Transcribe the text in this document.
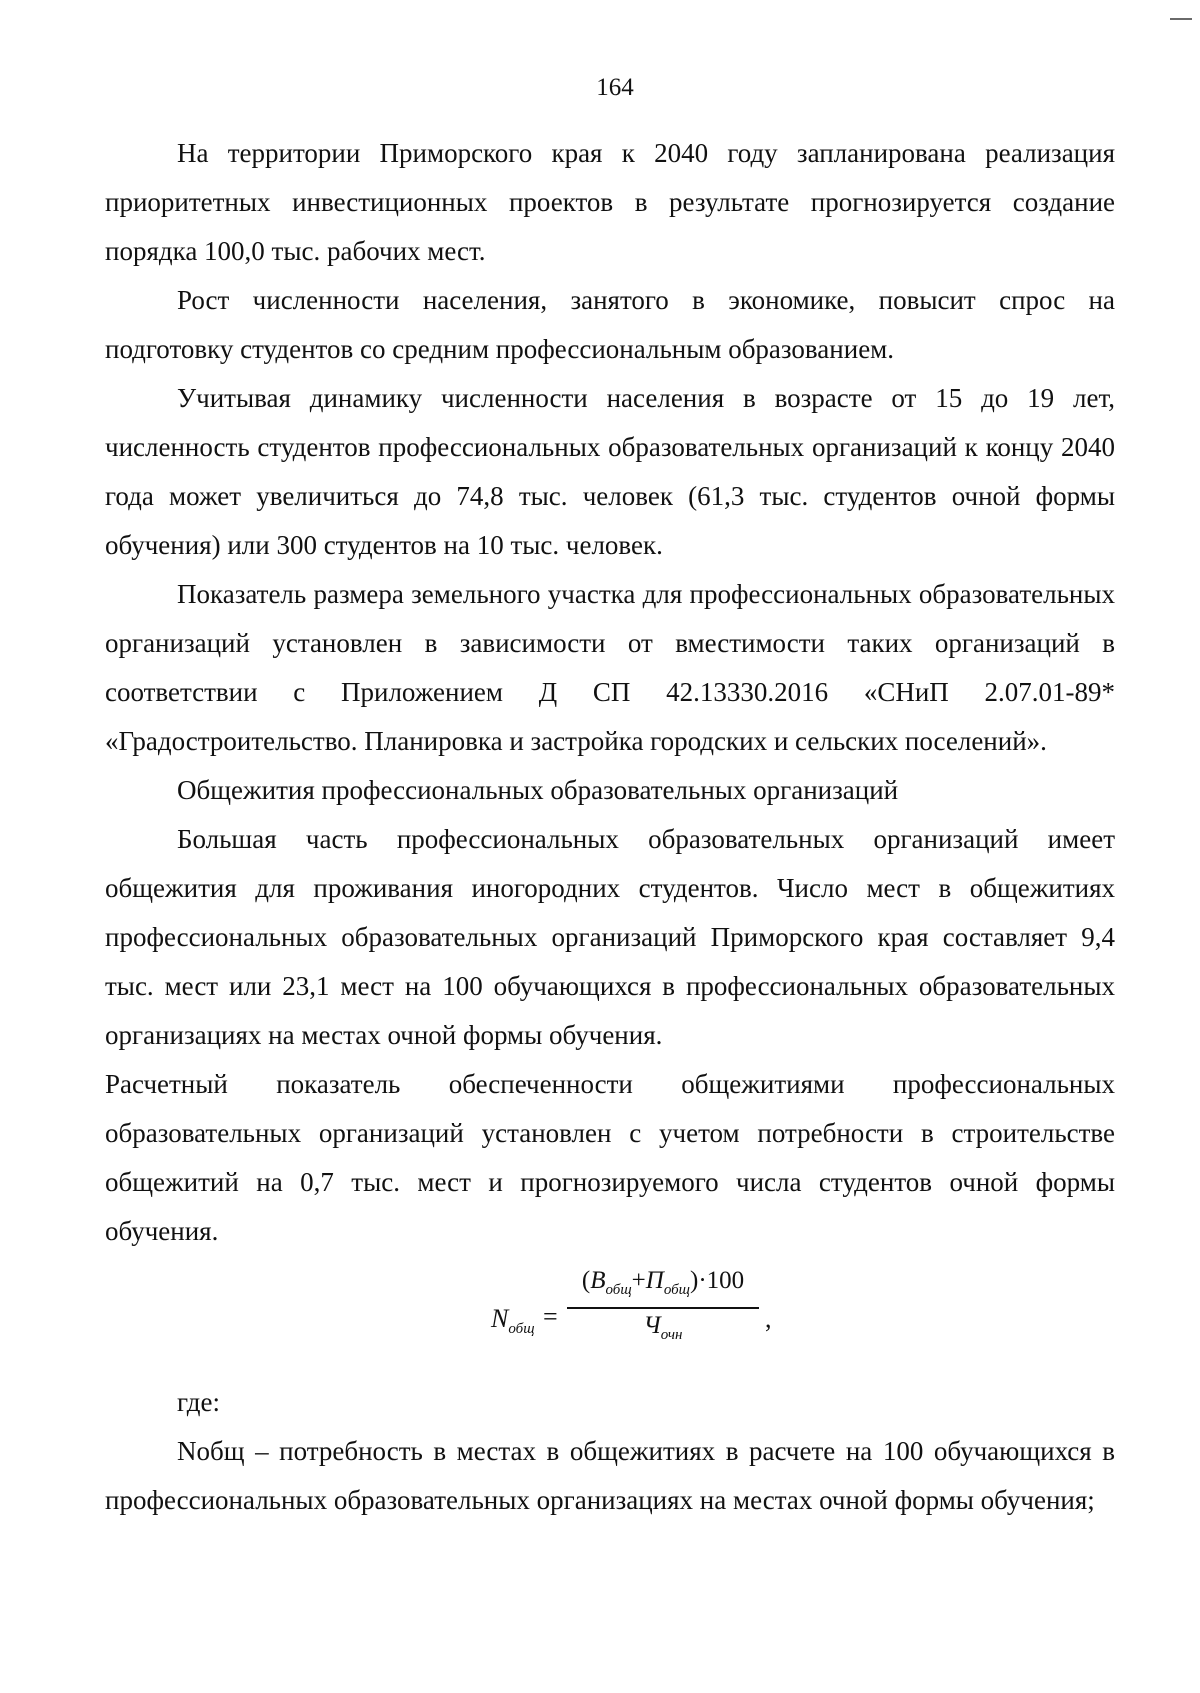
164

На территории Приморского края к 2040 году запланирована реализация приоритетных инвестиционных проектов в результате прогнозируется создание порядка 100,0 тыс. рабочих мест.

Рост численности населения, занятого в экономике, повысит спрос на подготовку студентов со средним профессиональным образованием.

Учитывая динамику численности населения в возрасте от 15 до 19 лет, численность студентов профессиональных образовательных организаций к концу 2040 года может увеличиться до 74,8 тыс. человек (61,3 тыс. студентов очной формы обучения) или 300 студентов на 10 тыс. человек.

Показатель размера земельного участка для профессиональных образовательных организаций установлен в зависимости от вместимости таких организаций в соответствии с Приложением Д СП 42.13330.2016 «СНиП 2.07.01-89* «Градостроительство. Планировка и застройка городских и сельских поселений».

Общежития профессиональных образовательных организаций

Большая часть профессиональных образовательных организаций имеет общежития для проживания иногородних студентов. Число мест в общежитиях профессиональных образовательных организаций Приморского края составляет 9,4 тыс. мест или 23,1 мест на 100 обучающихся в профессиональных образовательных организациях на местах очной формы обучения.

Расчетный показатель обеспеченности общежитиями профессиональных образовательных организаций установлен с учетом потребности в строительстве общежитий на 0,7 тыс. мест и прогнозируемого числа студентов очной формы обучения.

$N_{общ}$ =
$(В_{общ}+П_{общ})\cdot 100$
$Ч_{очн}$
,

где:

Nобщ – потребность в местах в общежитиях в расчете на 100 обучающихся в профессиональных образовательных организациях на местах очной формы обучения;
